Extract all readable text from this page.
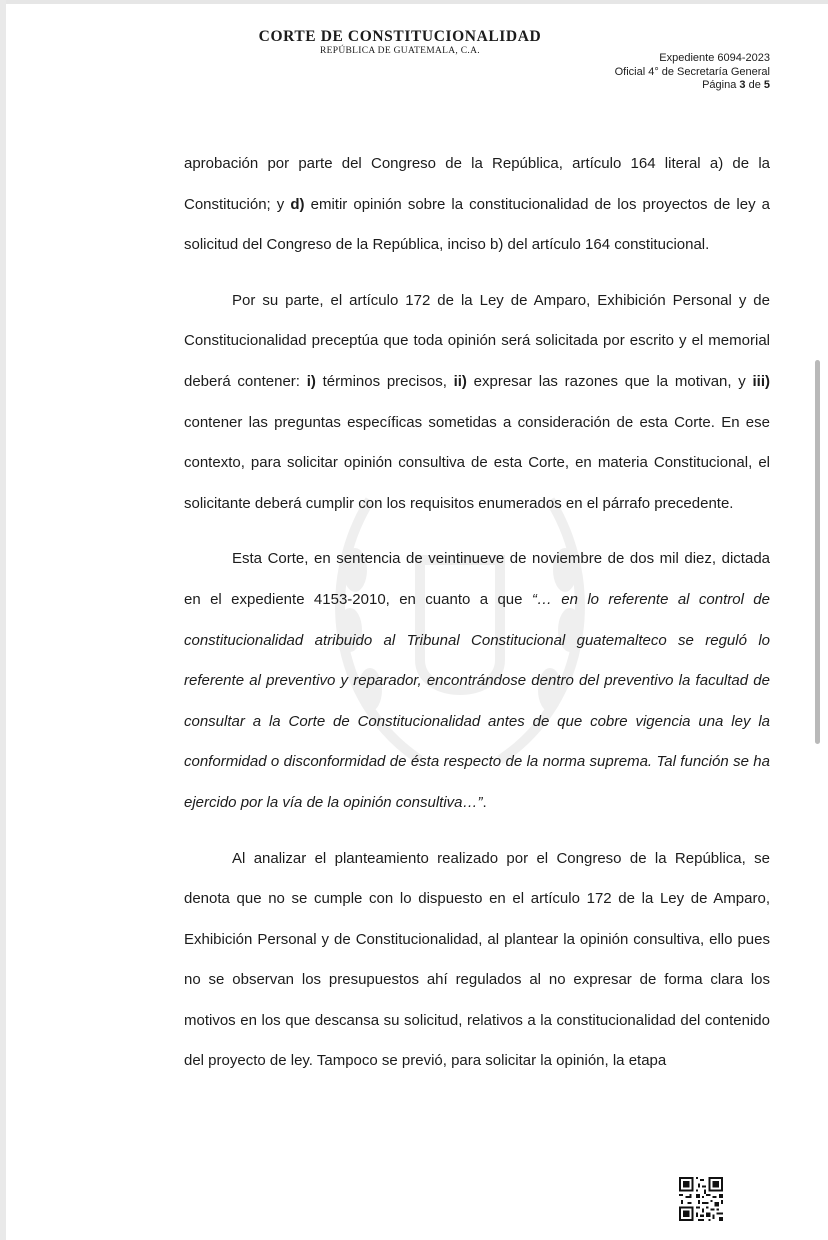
CORTE DE CONSTITUCIONALIDAD
REPÚBLICA DE GUATEMALA, C.A.
Expediente 6094-2023
Oficial 4° de Secretaría General
Página 3 de 5
aprobación por parte del Congreso de la República, artículo 164 literal a) de la Constitución; y d) emitir opinión sobre la constitucionalidad de los proyectos de ley a solicitud del Congreso de la República, inciso b) del artículo 164 constitucional.
Por su parte, el artículo 172 de la Ley de Amparo, Exhibición Personal y de Constitucionalidad preceptúa que toda opinión será solicitada por escrito y el memorial deberá contener: i) términos precisos, ii) expresar las razones que la motivan, y iii) contener las preguntas específicas sometidas a consideración de esta Corte. En ese contexto, para solicitar opinión consultiva de esta Corte, en materia Constitucional, el solicitante deberá cumplir con los requisitos enumerados en el párrafo precedente.
Esta Corte, en sentencia de veintinueve de noviembre de dos mil diez, dictada en el expediente 4153-2010, en cuanto a que “… en lo referente al control de constitucionalidad atribuido al Tribunal Constitucional guatemalteco se reguló lo referente al preventivo y reparador, encontrándose dentro del preventivo la facultad de consultar a la Corte de Constitucionalidad antes de que cobre vigencia una ley la conformidad o disconformidad de ésta respecto de la norma suprema. Tal función se ha ejercido por la vía de la opinión consultiva…”.
Al analizar el planteamiento realizado por el Congreso de la República, se denota que no se cumple con lo dispuesto en el artículo 172 de la Ley de Amparo, Exhibición Personal y de Constitucionalidad, al plantear la opinión consultiva, ello pues no se observan los presupuestos ahí regulados al no expresar de forma clara los motivos en los que descansa su solicitud, relativos a la constitucionalidad del contenido del proyecto de ley. Tampoco se previó, para solicitar la opinión, la etapa
